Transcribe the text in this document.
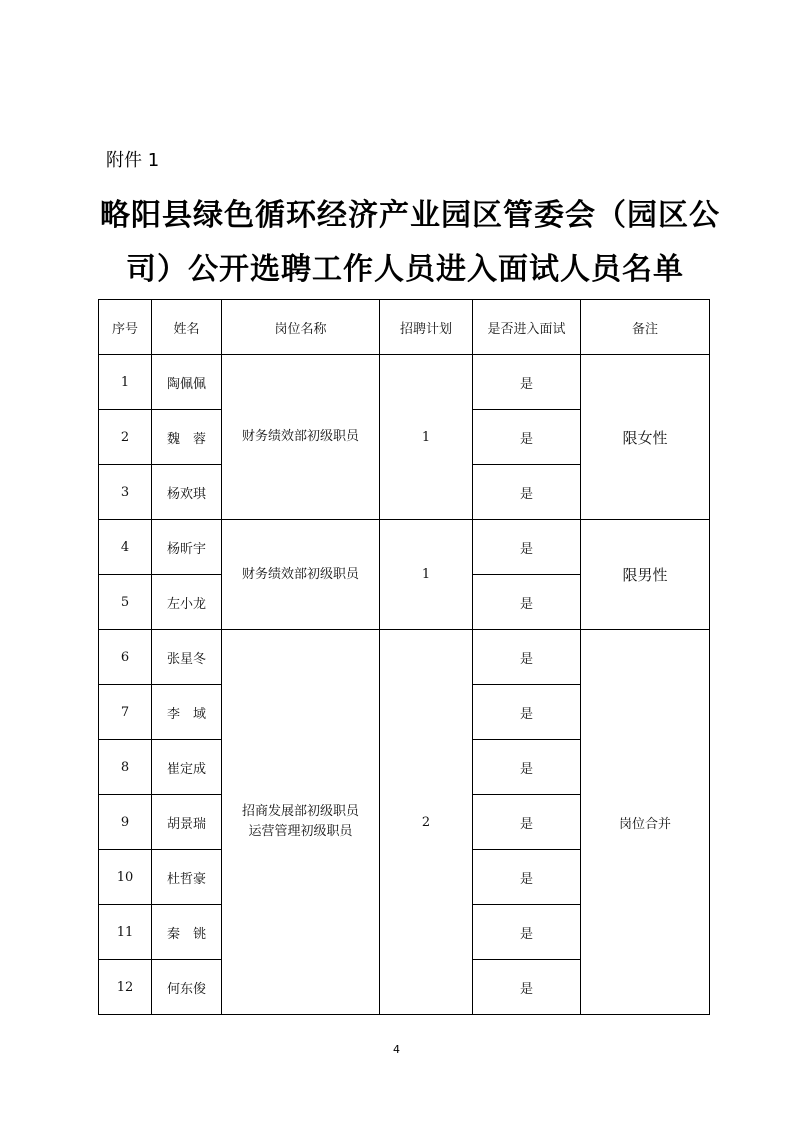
附件 1
略阳县绿色循环经济产业园区管委会（园区公
司）公开选聘工作人员进入面试人员名单
序号	姓名	岗位名称	招聘计划	是否进入面试	备注
1	陶佩佩	财务绩效部初级职员	1	是	限女性
2	魏　蓉			是	
3	杨欢琪			是	
4	杨昕宇	财务绩效部初级职员	1	是	限男性
5	左小龙			是	
6	张星冬	招商发展部初级职员
运营管理初级职员	2	是	岗位合并
7	李　域			是	
8	崔定成			是	
9	胡景瑞			是	
10	杜哲豪			是	
11	秦　铫			是	
12	何东俊			是	
4
